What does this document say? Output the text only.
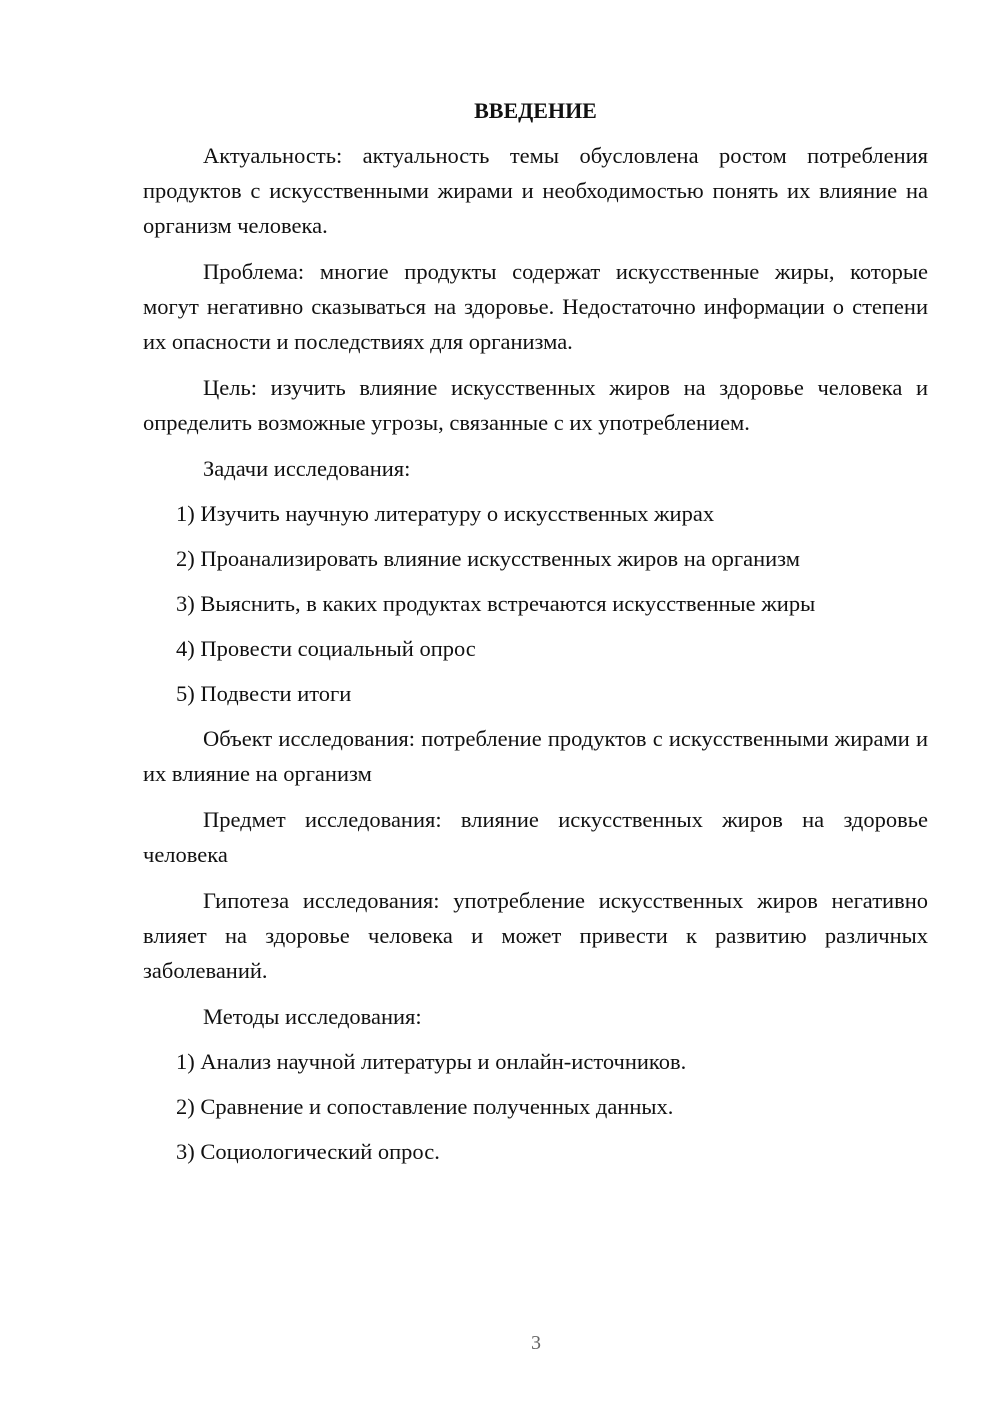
ВВЕДЕНИЕ

Актуальность: актуальность темы обусловлена ростом потребления продуктов с искусственными жирами и необходимостью понять их влияние на организм человека.

Проблема: многие продукты содержат искусственные жиры, которые могут негативно сказываться на здоровье. Недостаточно информации о степени их опасности и последствиях для организма.

Цель: изучить влияние искусственных жиров на здоровье человека и определить возможные угрозы, связанные с их употреблением.

Задачи исследования:

1) Изучить научную литературу о искусственных жирах
2) Проанализировать влияние искусственных жиров на организм
3) Выяснить, в каких продуктах встречаются искусственные жиры
4) Провести социальный опрос
5) Подвести итоги

Объект исследования: потребление продуктов с искусственными жирами и их влияние на организм

Предмет исследования: влияние искусственных жиров на здоровье человека

Гипотеза исследования: употребление искусственных жиров негативно влияет на здоровье человека и может привести к развитию различных заболеваний.

Методы исследования:

1) Анализ научной литературы и онлайн-источников.
2) Сравнение и сопоставление полученных данных.
3) Социологический опрос.
3
